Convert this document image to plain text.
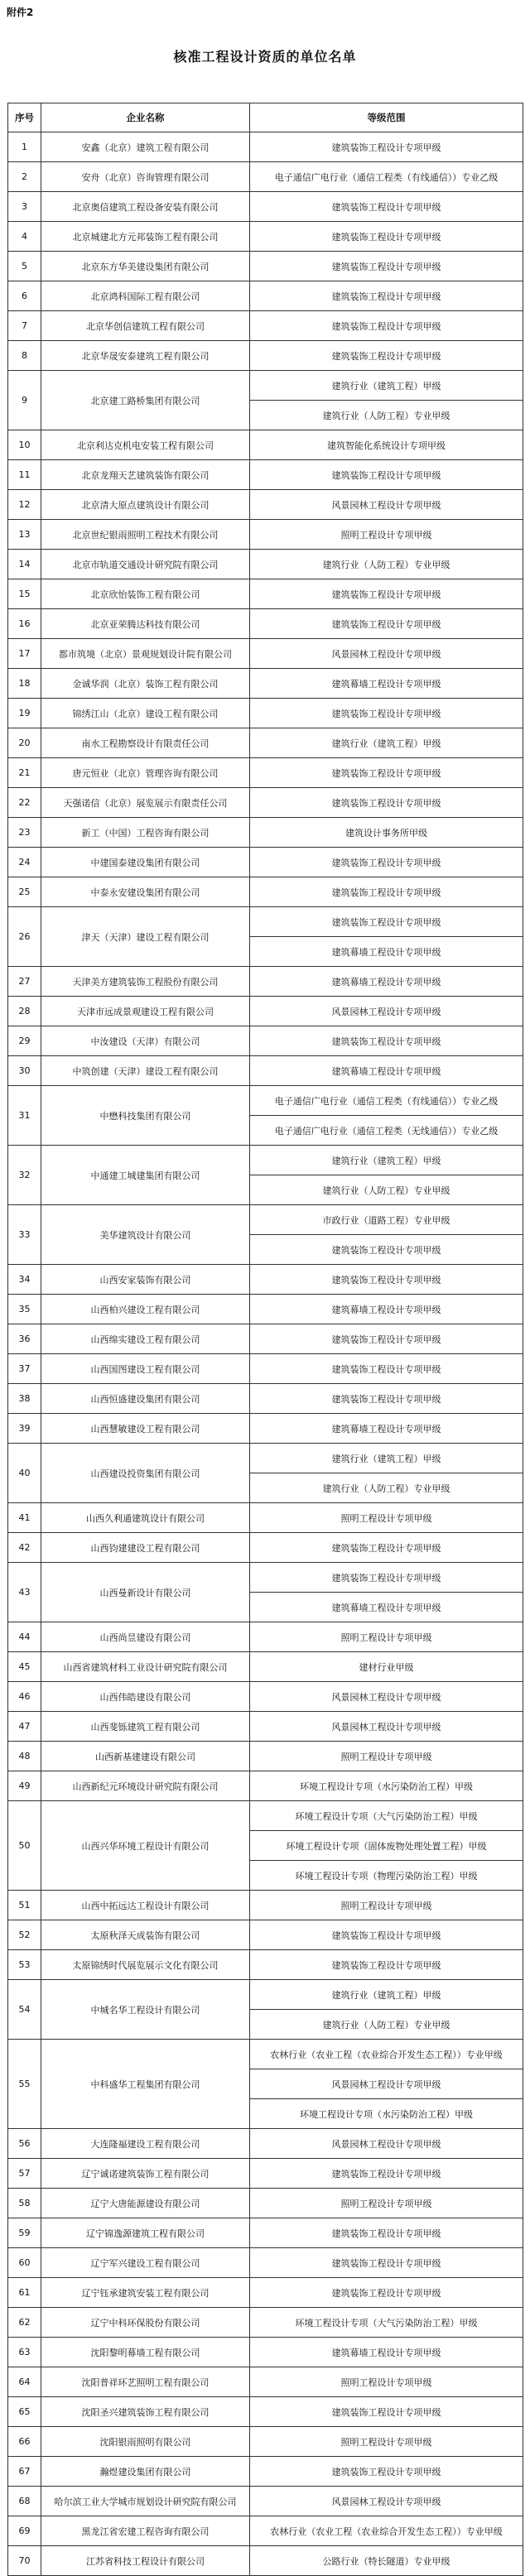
附件2
核准工程设计资质的单位名单
序号	企业名称	等级范围
1	安鑫（北京）建筑工程有限公司	建筑装饰工程设计专项甲级
2	安舟（北京）咨询管理有限公司	电子通信广电行业（通信工程类（有线通信））专业乙级
3	北京奥信建筑工程设备安装有限公司	建筑装饰工程设计专项甲级
4	北京城建北方元邦装饰工程有限公司	建筑装饰工程设计专项甲级
5	北京东方华美建设集团有限公司	建筑装饰工程设计专项甲级
6	北京鸿科国际工程有限公司	建筑装饰工程设计专项甲级
7	北京华创信建筑工程有限公司	建筑装饰工程设计专项甲级
8	北京华晟安泰建筑工程有限公司	建筑装饰工程设计专项甲级
9	北京建工路桥集团有限公司	建筑行业（建筑工程）甲级
		建筑行业（人防工程）专业甲级
10	北京利达克机电安装工程有限公司	建筑智能化系统设计专项甲级
11	北京龙翔天艺建筑装饰有限公司	建筑装饰工程设计专项甲级
12	北京清大原点建筑设计有限公司	风景园林工程设计专项甲级
13	北京世纪银雨照明工程技术有限公司	照明工程设计专项甲级
14	北京市轨道交通设计研究院有限公司	建筑行业（人防工程）专业甲级
15	北京欣怡装饰工程有限公司	建筑装饰工程设计专项甲级
16	北京亚荣腾达科技有限公司	建筑装饰工程设计专项甲级
17	都市筑境（北京）景观规划设计院有限公司	风景园林工程设计专项甲级
18	金诚华润（北京）装饰工程有限公司	建筑幕墙工程设计专项甲级
19	锦绣江山（北京）建设工程有限公司	建筑装饰工程设计专项甲级
20	南水工程勘察设计有限责任公司	建筑行业（建筑工程）甲级
21	唐元恒业（北京）管理咨询有限公司	建筑装饰工程设计专项甲级
22	天强诺信（北京）展览展示有限责任公司	建筑装饰工程设计专项甲级
23	新工（中国）工程咨询有限公司	建筑设计事务所甲级
24	中建国泰建设集团有限公司	建筑装饰工程设计专项甲级
25	中泰永安建设集团有限公司	建筑装饰工程设计专项甲级
26	津天（天津）建设工程有限公司	建筑装饰工程设计专项甲级
		建筑幕墙工程设计专项甲级
27	天津美方建筑装饰工程股份有限公司	建筑幕墙工程设计专项甲级
28	天津市远成景观建设工程有限公司	风景园林工程设计专项甲级
29	中汝建设（天津）有限公司	建筑装饰工程设计专项甲级
30	中筑创建（天津）建设工程有限公司	建筑幕墙工程设计专项甲级
31	中懋科技集团有限公司	电子通信广电行业（通信工程类（有线通信））专业乙级
		电子通信广电行业（通信工程类（无线通信））专业乙级
32	中通建工城建集团有限公司	建筑行业（建筑工程）甲级
		建筑行业（人防工程）专业甲级
33	美华建筑设计有限公司	市政行业（道路工程）专业甲级
		建筑装饰工程设计专项甲级
34	山西安家装饰有限公司	建筑装饰工程设计专项甲级
35	山西柏兴建设工程有限公司	建筑幕墙工程设计专项甲级
36	山西绵实建设工程有限公司	建筑装饰工程设计专项甲级
37	山西国图建设工程有限公司	建筑装饰工程设计专项甲级
38	山西恒盛建设集团有限公司	建筑装饰工程设计专项甲级
39	山西慧敏建设工程有限公司	建筑幕墙工程设计专项甲级
40	山西建设投资集团有限公司	建筑行业（建筑工程）甲级
		建筑行业（人防工程）专业甲级
41	山西久利通建筑设计有限公司	照明工程设计专项甲级
42	山西钧建建设工程有限公司	建筑装饰工程设计专项甲级
43	山西曼新设计有限公司	建筑装饰工程设计专项甲级
		建筑幕墙工程设计专项甲级
44	山西尚昱建设有限公司	照明工程设计专项甲级
45	山西省建筑材料工业设计研究院有限公司	建材行业甲级
46	山西伟皓建设有限公司	风景园林工程设计专项甲级
47	山西斐铄建筑工程有限公司	风景园林工程设计专项甲级
48	山西新基建建设有限公司	照明工程设计专项甲级
49	山西新纪元环境设计研究院有限公司	环境工程设计专项（水污染防治工程）甲级
50	山西兴华环境工程设计有限公司	环境工程设计专项（大气污染防治工程）甲级
		环境工程设计专项（固体废物处理处置工程）甲级
		环境工程设计专项（物理污染防治工程）甲级
51	山西中拓远达工程设计有限公司	照明工程设计专项甲级
52	太原秋泽天成装饰有限公司	建筑装饰工程设计专项甲级
53	太原锦绣时代展览展示文化有限公司	建筑装饰工程设计专项甲级
54	中城名华工程设计有限公司	建筑行业（建筑工程）甲级
		建筑行业（人防工程）专业甲级
55	中科盛华工程集团有限公司	农林行业（农业工程（农业综合开发生态工程））专业甲级
		风景园林工程设计专项甲级
		环境工程设计专项（水污染防治工程）甲级
56	大连隆福建设工程有限公司	风景园林工程设计专项甲级
57	辽宁诚诺建筑装饰工程有限公司	建筑装饰工程设计专项甲级
58	辽宁大唐能源建设有限公司	照明工程设计专项甲级
59	辽宁锦逸源建筑工程有限公司	建筑装饰工程设计专项甲级
60	辽宁军兴建设工程有限公司	建筑装饰工程设计专项甲级
61	辽宁钰承建筑安装工程有限公司	建筑装饰工程设计专项甲级
62	辽宁中科环保股份有限公司	环境工程设计专项（大气污染防治工程）甲级
63	沈阳黎明幕墙工程有限公司	建筑幕墙工程设计专项甲级
64	沈阳普祥环艺照明工程有限公司	照明工程设计专项甲级
65	沈阳圣兴建筑装饰工程有限公司	建筑装饰工程设计专项甲级
66	沈阳银雨照明有限公司	照明工程设计专项甲级
67	瀚煜建设集团有限公司	建筑装饰工程设计专项甲级
68	哈尔滨工业大学城市规划设计研究院有限公司	风景园林工程设计专项甲级
69	黑龙江省宏建工程咨询有限公司	农林行业（农业工程（农业综合开发生态工程））专业甲级
70	江苏省科技工程设计有限公司	公路行业（特长隧道）专业甲级
